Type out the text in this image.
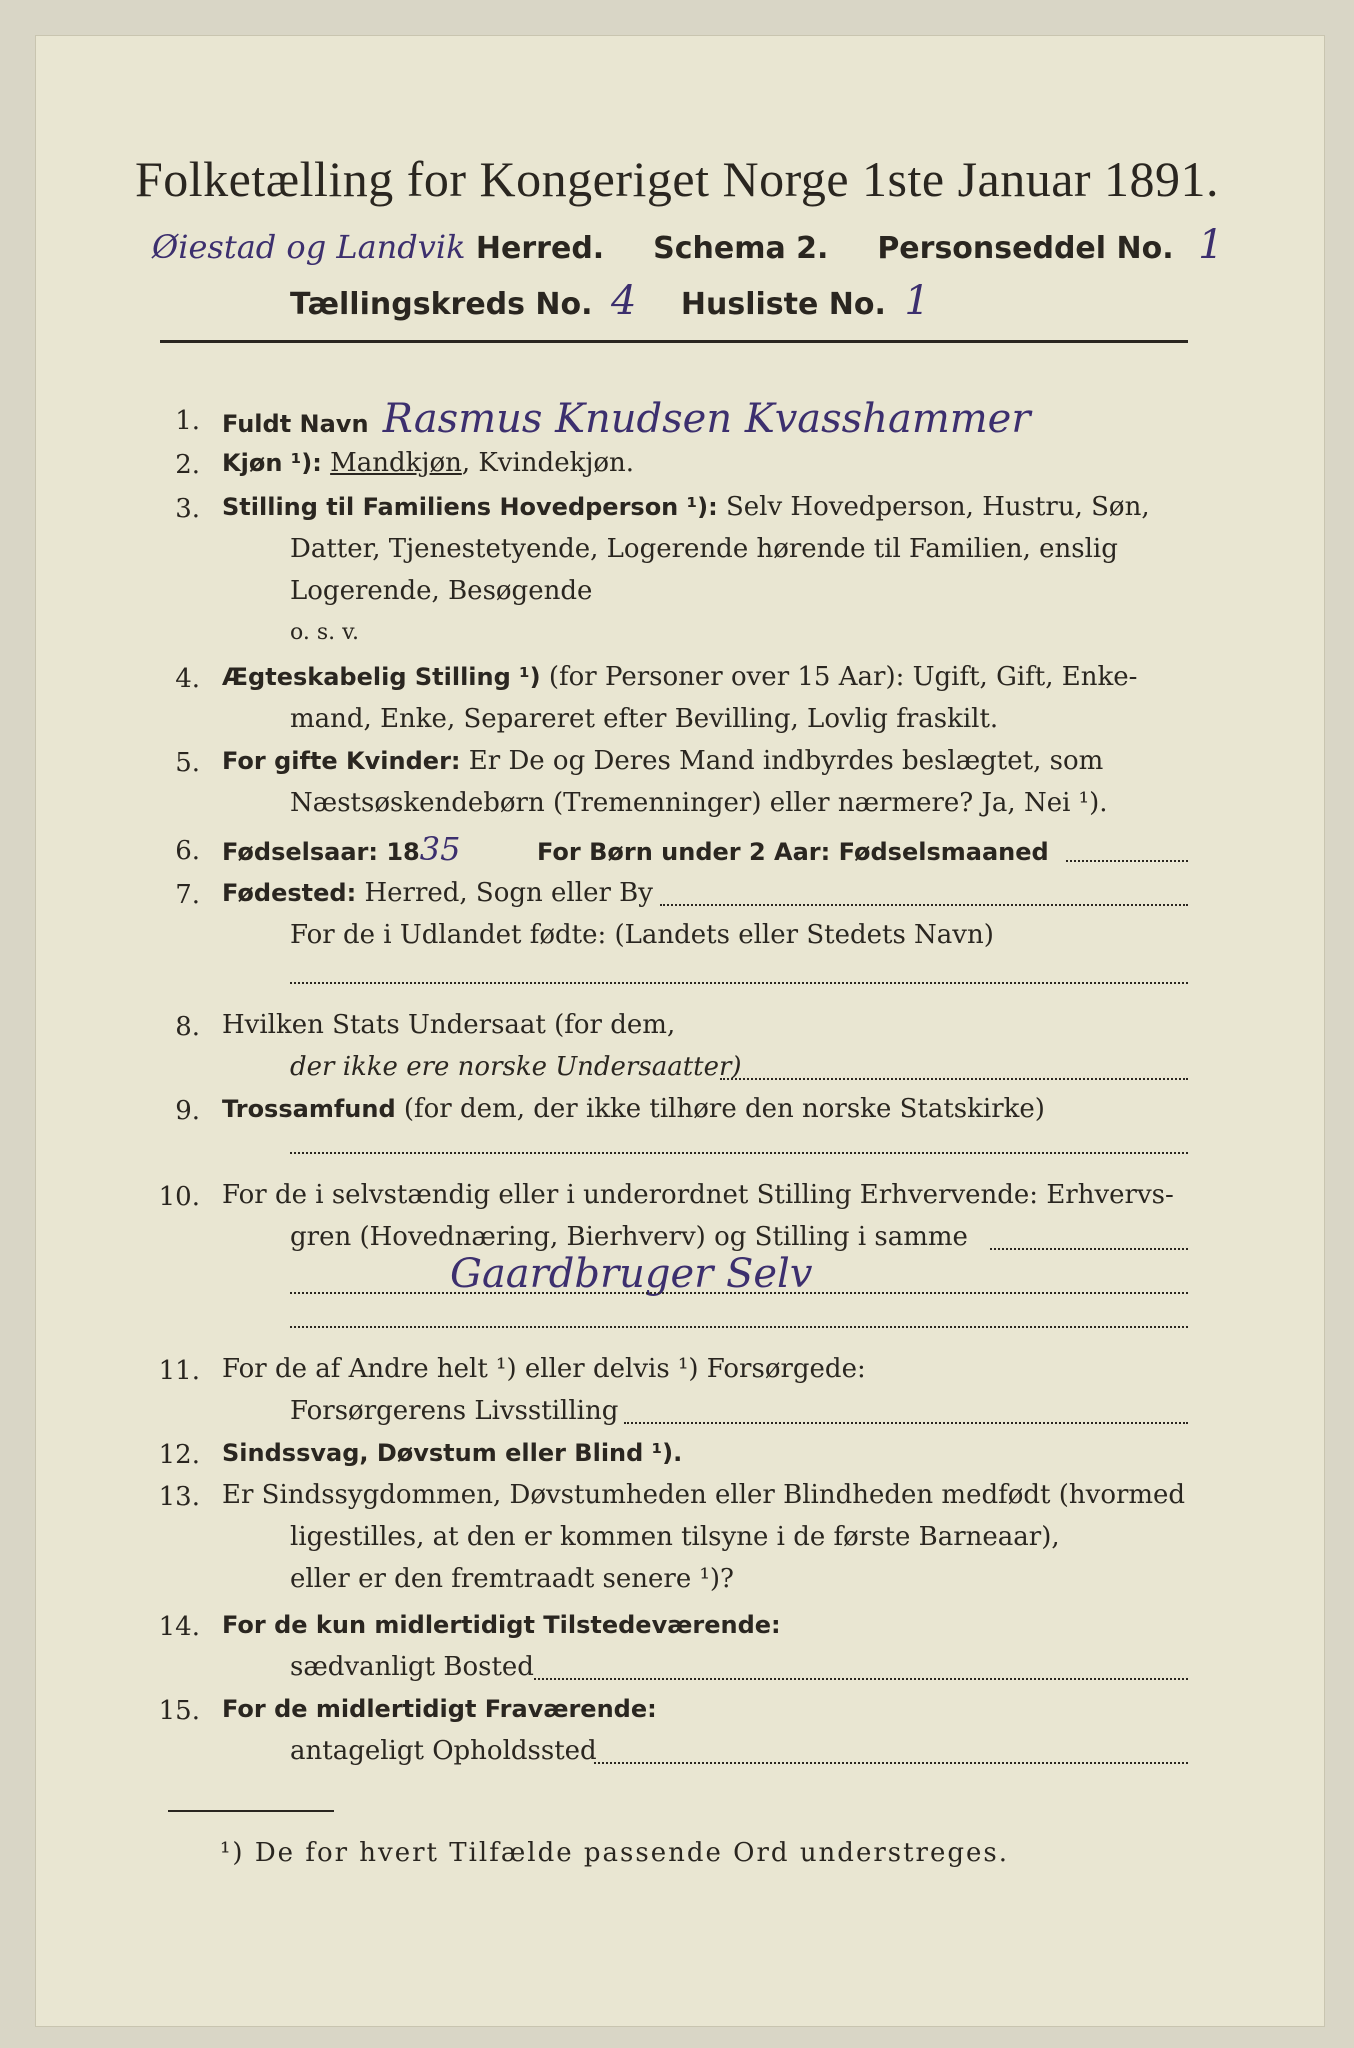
Folketælling for Kongeriget Norge 1ste Januar 1891.
Øiestad og Landvik Herred. Schema 2. Personseddel No. 1
Tællingskreds No. 4 Husliste No. 1
1. Fuldt Navn Rasmus Knudsen Kvasshammer
2. Kjøn ¹): Mandkjøn, Kvindekjøn.
3. Stilling til Familiens Hovedperson ¹): Selv Hovedperson, Hustru, Søn,
Datter, Tjenestetyende, Logerende hørende til Familien, enslig
Logerende, Besøgende
o. s. v.
4. Ægteskabelig Stilling ¹) (for Personer over 15 Aar): Ugift, Gift, Enke-
mand, Enke, Separeret efter Bevilling, Lovlig fraskilt.
5. For gifte Kvinder: Er De og Deres Mand indbyrdes beslægtet, som
Næstsøskendebørn (Tremenninger) eller nærmere? Ja, Nei ¹).
6. Fødselsaar: 1835	For Børn under 2 Aar: Fødselsmaaned
7. Fødested: Herred, Sogn eller By
For de i Udlandet fødte: (Landets eller Stedets Navn)
8. Hvilken Stats Undersaat (for dem,
der ikke ere norske Undersaatter)
9. Trossamfund (for dem, der ikke tilhøre den norske Statskirke)
10. For de i selvstændig eller i underordnet Stilling Erhvervende: Erhvervs-
gren (Hovednæring, Bierhverv) og Stilling i samme
Gaardbruger Selv
11. For de af Andre helt ¹) eller delvis ¹) Forsørgede:
Forsørgerens Livsstilling
12. Sindssvag, Døvstum eller Blind ¹).
13. Er Sindssygdommen, Døvstumheden eller Blindheden medfødt (hvormed
ligestilles, at den er kommen tilsyne i de første Barneaar),
eller er den fremtraadt senere ¹)?
14. For de kun midlertidigt Tilstedeværende:
sædvanligt Bosted
15. For de midlertidigt Fraværende:
antageligt Opholdssted
¹) De for hvert Tilfælde passende Ord understreges.
